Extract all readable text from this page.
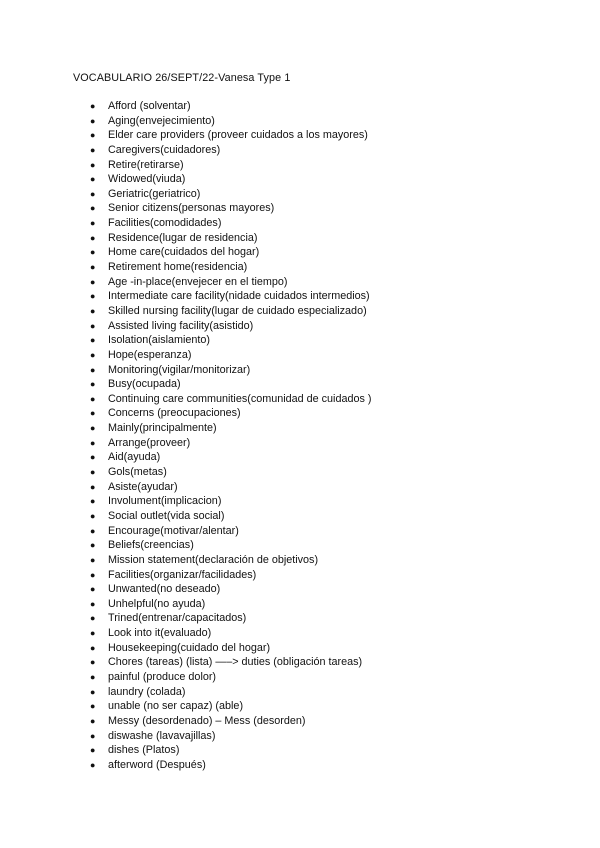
VOCABULARIO 26/SEPT/22-Vanesa Type 1
● Afford (solventar)
● Aging(envejecimiento)
● Elder care providers (proveer cuidados a los mayores)
● Caregivers(cuidadores)
● Retire(retirarse)
● Widowed(viuda)
● Geriatric(geriatrico)
● Senior citizens(personas mayores)
● Facilities(comodidades)
● Residence(lugar de residencia)
● Home care(cuidados del hogar)
● Retirement home(residencia)
● Age -in-place(envejecer en el tiempo)
● Intermediate care facility(nidade cuidados intermedios)
● Skilled nursing facility(lugar de cuidado especializado)
● Assisted living facility(asistido)
● Isolation(aislamiento)
● Hope(esperanza)
● Monitoring(vigilar/monitorizar)
● Busy(ocupada)
● Continuing care communities(comunidad de cuidados )
● Concerns (preocupaciones)
● Mainly(principalmente)
● Arrange(proveer)
● Aid(ayuda)
● Gols(metas)
● Asiste(ayudar)
● Involument(implicacion)
● Social outlet(vida social)
● Encourage(motivar/alentar)
● Beliefs(creencias)
● Mission statement(declaración de objetivos)
● Facilities(organizar/facilidades)
● Unwanted(no deseado)
● Unhelpful(no ayuda)
● Trined(entrenar/capacitados)
● Look into it(evaluado)
● Housekeeping(cuidado del hogar)
● Chores (tareas) (lista) —–> duties (obligación tareas)
● painful (produce dolor)
● laundry (colada)
● unable (no ser capaz) (able)
● Messy (desordenado) – Mess (desorden)
● diswashe (lavavajillas)
● dishes (Platos)
● afterword (Después)
